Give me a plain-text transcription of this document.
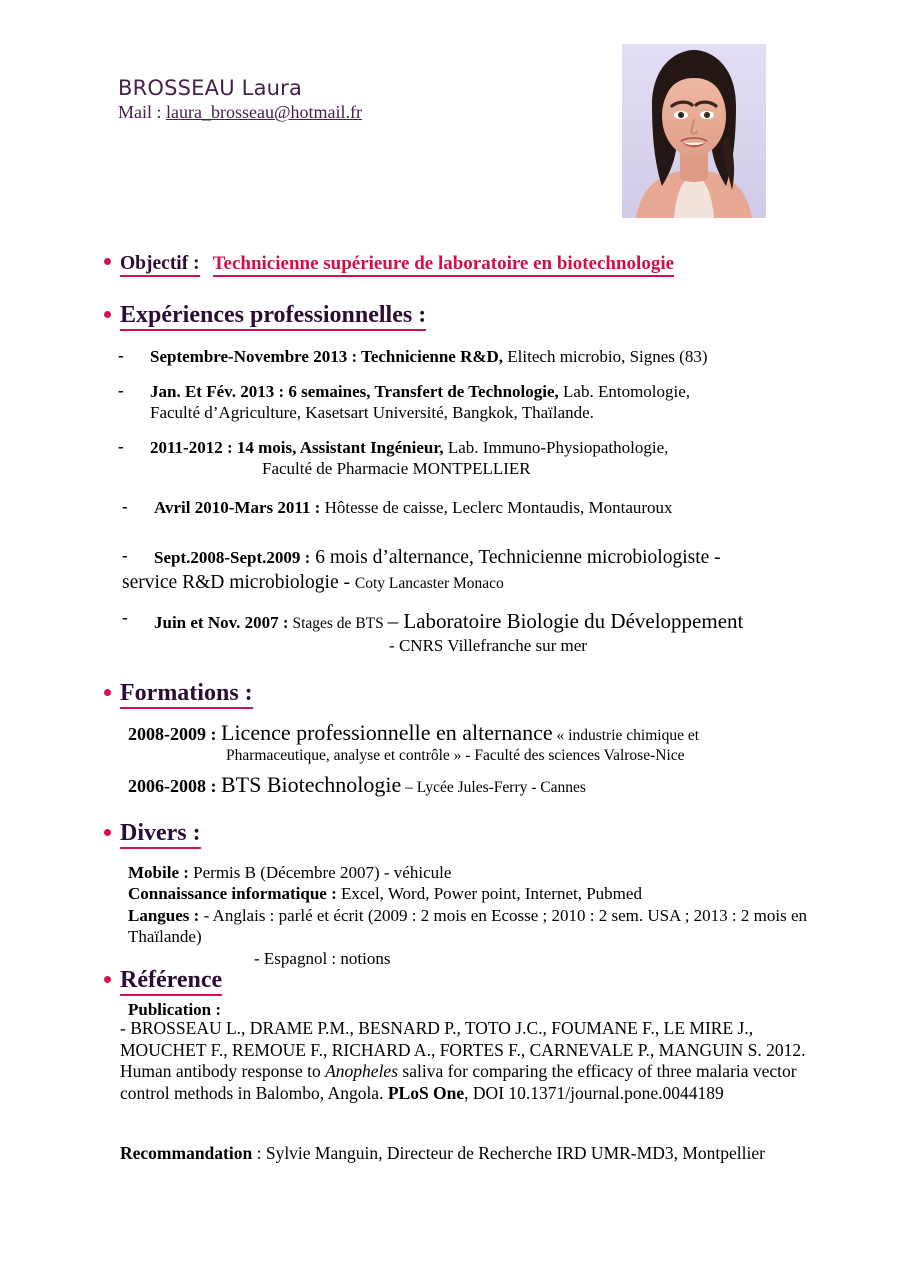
BROSSEAU Laura
Mail : laura_brosseau@hotmail.fr
Objectif : Technicienne supérieure de laboratoire en biotechnologie
Expériences professionnelles :
- Septembre-Novembre 2013 : Technicienne R&D, Elitech microbio, Signes (83)
- Jan. Et Fév. 2013 : 6 semaines, Transfert de Technologie, Lab. Entomologie,
Faculté d’Agriculture, Kasetsart Université, Bangkok, Thaïlande.
- 2011-2012 : 14 mois, Assistant Ingénieur, Lab. Immuno-Physiopathologie,
Faculté de Pharmacie MONTPELLIER
- Avril 2010-Mars 2011 : Hôtesse de caisse, Leclerc Montaudis, Montauroux
- Sept.2008-Sept.2009 : 6 mois d’alternance, Technicienne microbiologiste -
service R&D microbiologie - Coty Lancaster Monaco
- Juin et Nov. 2007 : Stages de BTS – Laboratoire Biologie du Développement
- CNRS Villefranche sur mer
Formations :
2008-2009 : Licence professionnelle en alternance « industrie chimique et
Pharmaceutique, analyse et contrôle » - Faculté des sciences Valrose-Nice
2006-2008 : BTS Biotechnologie – Lycée Jules-Ferry - Cannes
Divers :
Mobile : Permis B (Décembre 2007) - véhicule
Connaissance informatique : Excel, Word, Power point, Internet, Pubmed
Langues : - Anglais : parlé et écrit (2009 : 2 mois en Ecosse ; 2010 : 2 sem. USA ; 2013 : 2 mois en Thaïlande)
- Espagnol : notions
Référence
Publication :
- BROSSEAU L., DRAME P.M., BESNARD P., TOTO J.C., FOUMANE F., LE MIRE J., MOUCHET F., REMOUE F., RICHARD A., FORTES F., CARNEVALE P., MANGUIN S. 2012. Human antibody response to Anopheles saliva for comparing the efficacy of three malaria vector control methods in Balombo, Angola. PLoS One, DOI 10.1371/journal.pone.0044189
Recommandation : Sylvie Manguin, Directeur de Recherche IRD UMR-MD3, Montpellier
